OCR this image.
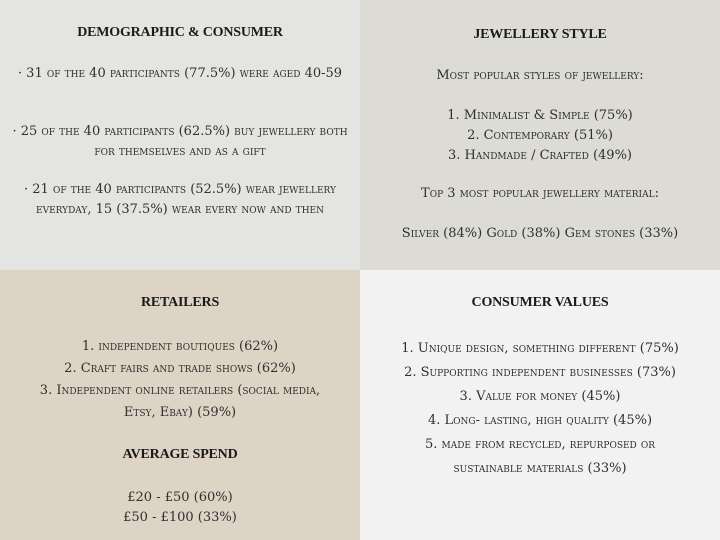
DEMOGRAPHIC & CONSUMER
· 31 of the 40 participants (77.5%) were aged 40-59
· 25 of the 40 participants (62.5%) buy jewellery both for themselves and as a gift
· 21 of the 40 participants (52.5%) wear jewellery everyday, 15 (37.5%) wear every now and then
JEWELLERY STYLE
Most popular styles of jewellery:
1. Minimalist & Simple (75%)
2. Contemporary (51%)
3. Handmade / Crafted (49%)
Top 3 most popular jewellery material:
Silver (84%) Gold (38%) Gem stones (33%)
RETAILERS
1. independent boutiques (62%)
2. Craft fairs and trade shows (62%)
3. Independent online retailers (social media,
Etsy, Ebay) (59%)
AVERAGE SPEND
£20 - £50 (60%)
£50 - £100 (33%)
CONSUMER VALUES
1. Unique design, something different (75%)
2. Supporting independent businesses (73%)
3. Value for money (45%)
4. Long- lasting, high quality (45%)
5. made from recycled, repurposed or
sustainable materials (33%)
